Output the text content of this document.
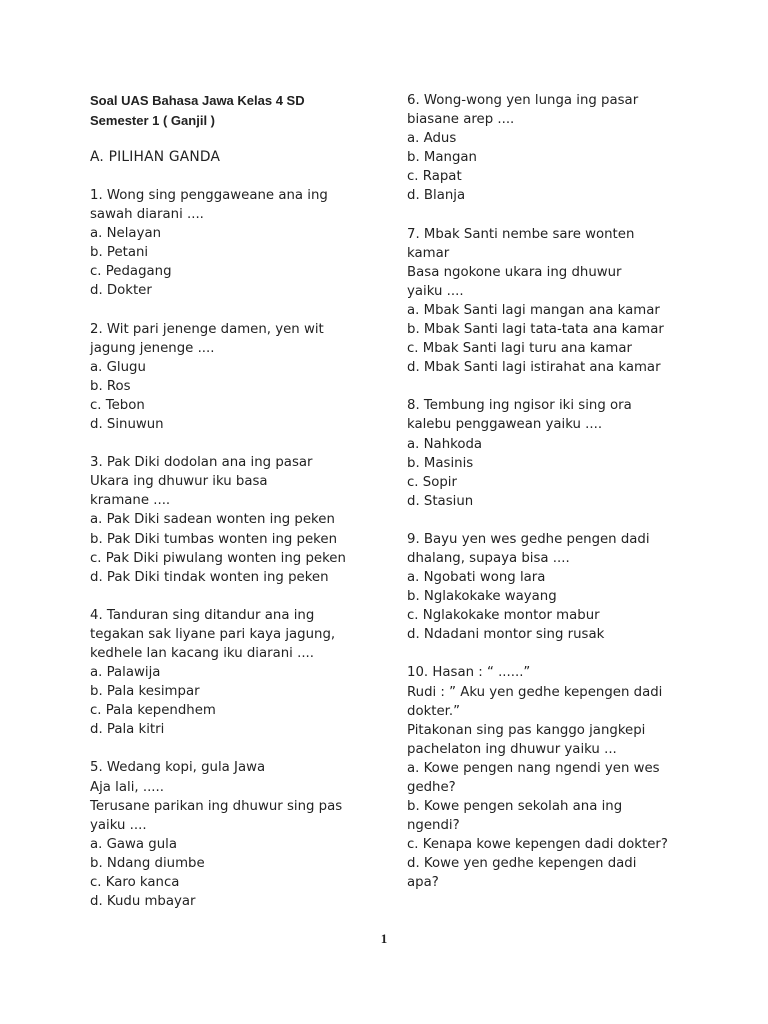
Soal UAS Bahasa Jawa Kelas 4 SD
Semester 1 ( Ganjil )
A. PILIHAN GANDA
1. Wong sing penggaweane ana ing
sawah diarani ....
a. Nelayan
b. Petani
c. Pedagang
d. Dokter
2. Wit pari jenenge damen, yen wit
jagung jenenge ....
a. Glugu
b. Ros
c. Tebon
d. Sinuwun
3. Pak Diki dodolan ana ing pasar
Ukara ing dhuwur iku basa
kramane ....
a. Pak Diki sadean wonten ing peken
b. Pak Diki tumbas wonten ing peken
c. Pak Diki piwulang wonten ing peken
d. Pak Diki tindak wonten ing peken
4. Tanduran sing ditandur ana ing
tegakan sak liyane pari kaya jagung,
kedhele lan kacang iku diarani ....
a. Palawija
b. Pala kesimpar
c. Pala kependhem
d. Pala kitri
5. Wedang kopi, gula Jawa
Aja lali, .....
Terusane parikan ing dhuwur sing pas
yaiku ....
a. Gawa gula
b. Ndang diumbe
c. Karo kanca
d. Kudu mbayar
6. Wong-wong yen lunga ing pasar
biasane arep ....
a. Adus
b. Mangan
c. Rapat
d. Blanja
7. Mbak Santi nembe sare wonten
kamar
Basa ngokone ukara ing dhuwur
yaiku ....
a. Mbak Santi lagi mangan ana kamar
b. Mbak Santi lagi tata-tata ana kamar
c. Mbak Santi lagi turu ana kamar
d. Mbak Santi lagi istirahat ana kamar
8. Tembung ing ngisor iki sing ora
kalebu penggawean yaiku ....
a. Nahkoda
b. Masinis
c. Sopir
d. Stasiun
9. Bayu yen wes gedhe pengen dadi
dhalang, supaya bisa ....
a. Ngobati wong lara
b. Nglakokake wayang
c. Nglakokake montor mabur
d. Ndadani montor sing rusak
10. Hasan : “ ......”
Rudi : ” Aku yen gedhe kepengen dadi
dokter.”
Pitakonan sing pas kanggo jangkepi
pachelaton ing dhuwur yaiku ...
a. Kowe pengen nang ngendi yen wes
gedhe?
b. Kowe pengen sekolah ana ing
ngendi?
c. Kenapa kowe kepengen dadi dokter?
d. Kowe yen gedhe kepengen dadi
apa?
1
